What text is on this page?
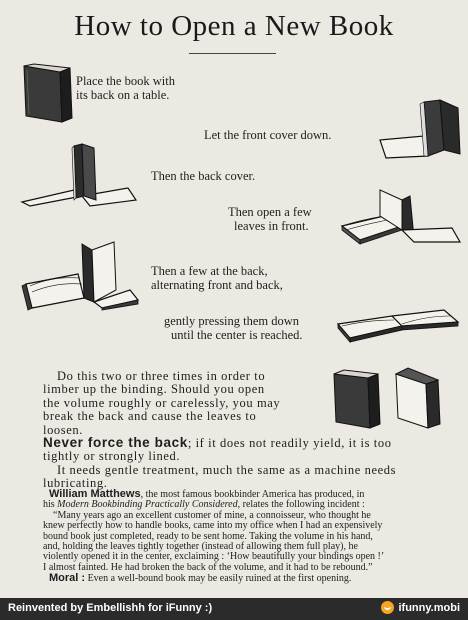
How to Open a New Book
Place the book with
its back on a table.
Let the front cover down.
Then the back cover.
Then open a few
leaves in front.
Then a few at the back,
alternating front and back,
gently pressing them down
until the center is reached.
Do this two or three times in order to
limber up the binding. Should you open
the volume roughly or carelessly, you may
break the back and cause the leaves to
loosen.
Never force the back; if it does not readily yield, it is too
tightly or strongly lined.
It needs gentle treatment, much the same as a machine needs
lubricating.
William Matthews, the most famous bookbinder America has produced, in
his Modern Bookbinding Practically Considered, relates the following incident :
“Many years ago an excellent customer of mine, a connoisseur, who thought he
knew perfectly how to handle books, came into my office when I had an expensively
bound book just completed, ready to be sent home. Taking the volume in his hand,
and, holding the leaves tightly together (instead of allowing them full play), he
violently opened it in the center, exclaiming : ‘How beautifully your bindings open !’
I almost fainted. He had broken the back of the volume, and it had to be rebound.”
Moral : Even a well-bound book may be easily ruined at the first opening.
Reinvented by Embellishh for iFunny :)	ifunny.mobi
